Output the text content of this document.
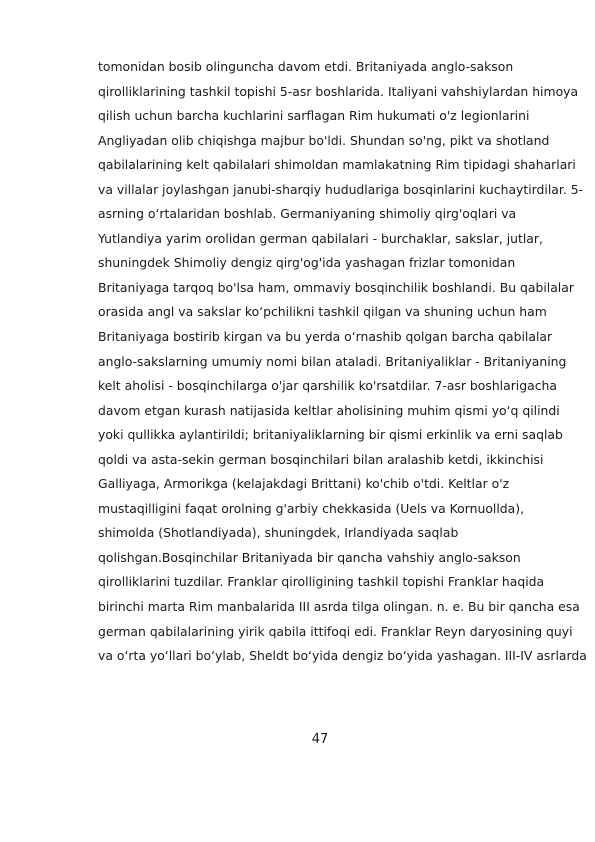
tomonidan bosib olinguncha davom etdi. Britaniyada anglo-sakson
qirolliklarining tashkil topishi 5-asr boshlarida. Italiyani vahshiylardan himoya
qilish uchun barcha kuchlarini sarflagan Rim hukumati o'z legionlarini
Angliyadan olib chiqishga majbur bo'ldi. Shundan so'ng, pikt va shotland
qabilalarining kelt qabilalari shimoldan mamlakatning Rim tipidagi shaharlari
va villalar joylashgan janubi-sharqiy hududlariga bosqinlarini kuchaytirdilar. 5-
asrning o‘rtalaridan boshlab. Germaniyaning shimoliy qirg'oqlari va
Yutlandiya yarim orolidan german qabilalari - burchaklar, sakslar, jutlar,
shuningdek Shimoliy dengiz qirg'og'ida yashagan frizlar tomonidan
Britaniyaga tarqoq bo'lsa ham, ommaviy bosqinchilik boshlandi. Bu qabilalar
orasida angl va sakslar ko‘pchilikni tashkil qilgan va shuning uchun ham
Britaniyaga bostirib kirgan va bu yerda o‘rnashib qolgan barcha qabilalar
anglo-sakslarning umumiy nomi bilan ataladi. Britaniyaliklar - Britaniyaning
kelt aholisi - bosqinchilarga o'jar qarshilik ko'rsatdilar. 7-asr boshlarigacha
davom etgan kurash natijasida keltlar aholisining muhim qismi yo‘q qilindi
yoki qullikka aylantirildi; britaniyaliklarning bir qismi erkinlik va erni saqlab
qoldi va asta-sekin german bosqinchilari bilan aralashib ketdi, ikkinchisi
Galliyaga, Armorikga (kelajakdagi Brittani) ko'chib o'tdi. Keltlar o'z
mustaqilligini faqat orolning g'arbiy chekkasida (Uels va Kornuollda),
shimolda (Shotlandiyada), shuningdek, Irlandiyada saqlab
qolishgan.Bosqinchilar Britaniyada bir qancha vahshiy anglo-sakson
qirolliklarini tuzdilar. Franklar qirolligining tashkil topishi Franklar haqida
birinchi marta Rim manbalarida III asrda tilga olingan. n. e. Bu bir qancha esa
german qabilalarining yirik qabila ittifoqi edi. Franklar Reyn daryosining quyi
va o‘rta yo‘llari bo‘ylab, Sheldt bo‘yida dengiz bo‘yida yashagan. III-IV asrlarda
47
